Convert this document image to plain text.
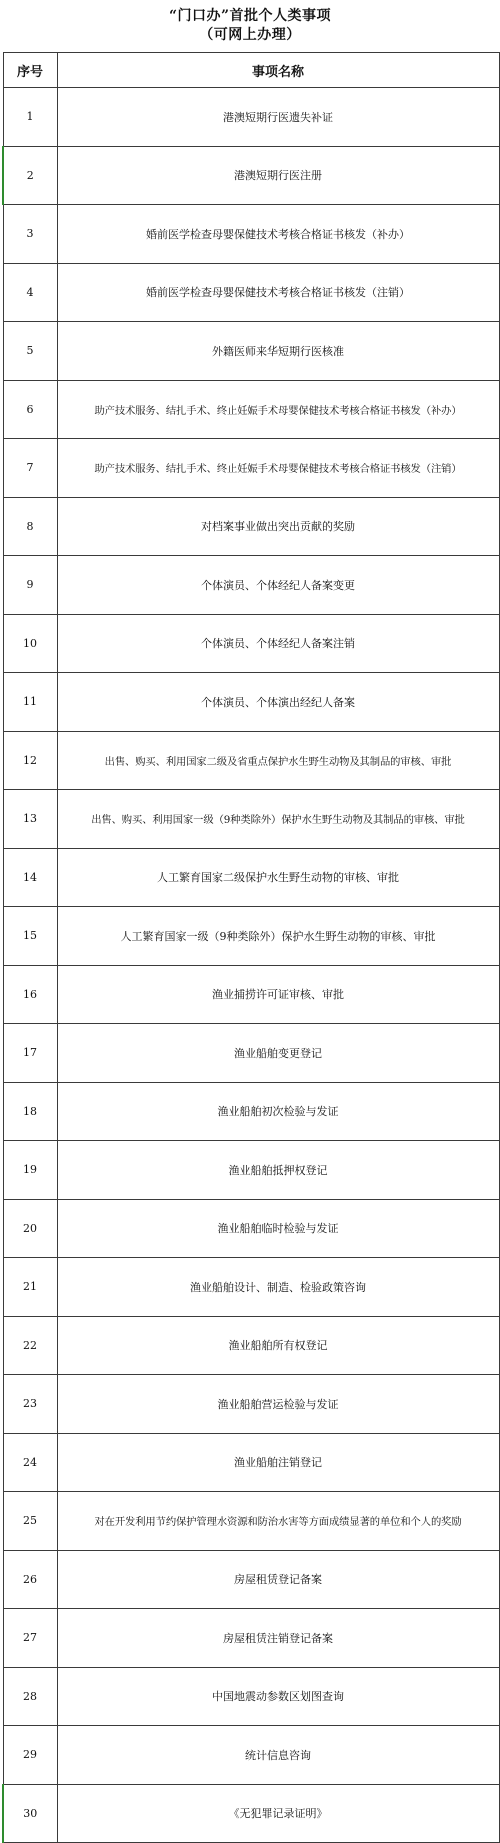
“门口办”首批个人类事项
（可网上办理）
序号	事项名称
1	港澳短期行医遗失补证
2	港澳短期行医注册
3	婚前医学检查母婴保健技术考核合格证书核发（补办）
4	婚前医学检查母婴保健技术考核合格证书核发（注销）
5	外籍医师来华短期行医核准
6	助产技术服务、结扎手术、终止妊娠手术母婴保健技术考核合格证书核发（补办）
7	助产技术服务、结扎手术、终止妊娠手术母婴保健技术考核合格证书核发（注销）
8	对档案事业做出突出贡献的奖励
9	个体演员、个体经纪人备案变更
10	个体演员、个体经纪人备案注销
11	个体演员、个体演出经纪人备案
12	出售、购买、利用国家二级及省重点保护水生野生动物及其制品的审核、审批
13	出售、购买、利用国家一级（9种类除外）保护水生野生动物及其制品的审核、审批
14	人工繁育国家二级保护水生野生动物的审核、审批
15	人工繁育国家一级（9种类除外）保护水生野生动物的审核、审批
16	渔业捕捞许可证审核、审批
17	渔业船舶变更登记
18	渔业船舶初次检验与发证
19	渔业船舶抵押权登记
20	渔业船舶临时检验与发证
21	渔业船舶设计、制造、检验政策咨询
22	渔业船舶所有权登记
23	渔业船舶营运检验与发证
24	渔业船舶注销登记
25	对在开发利用节约保护管理水资源和防治水害等方面成绩显著的单位和个人的奖励
26	房屋租赁登记备案
27	房屋租赁注销登记备案
28	中国地震动参数区划图查询
29	统计信息咨询
30	《无犯罪记录证明》
